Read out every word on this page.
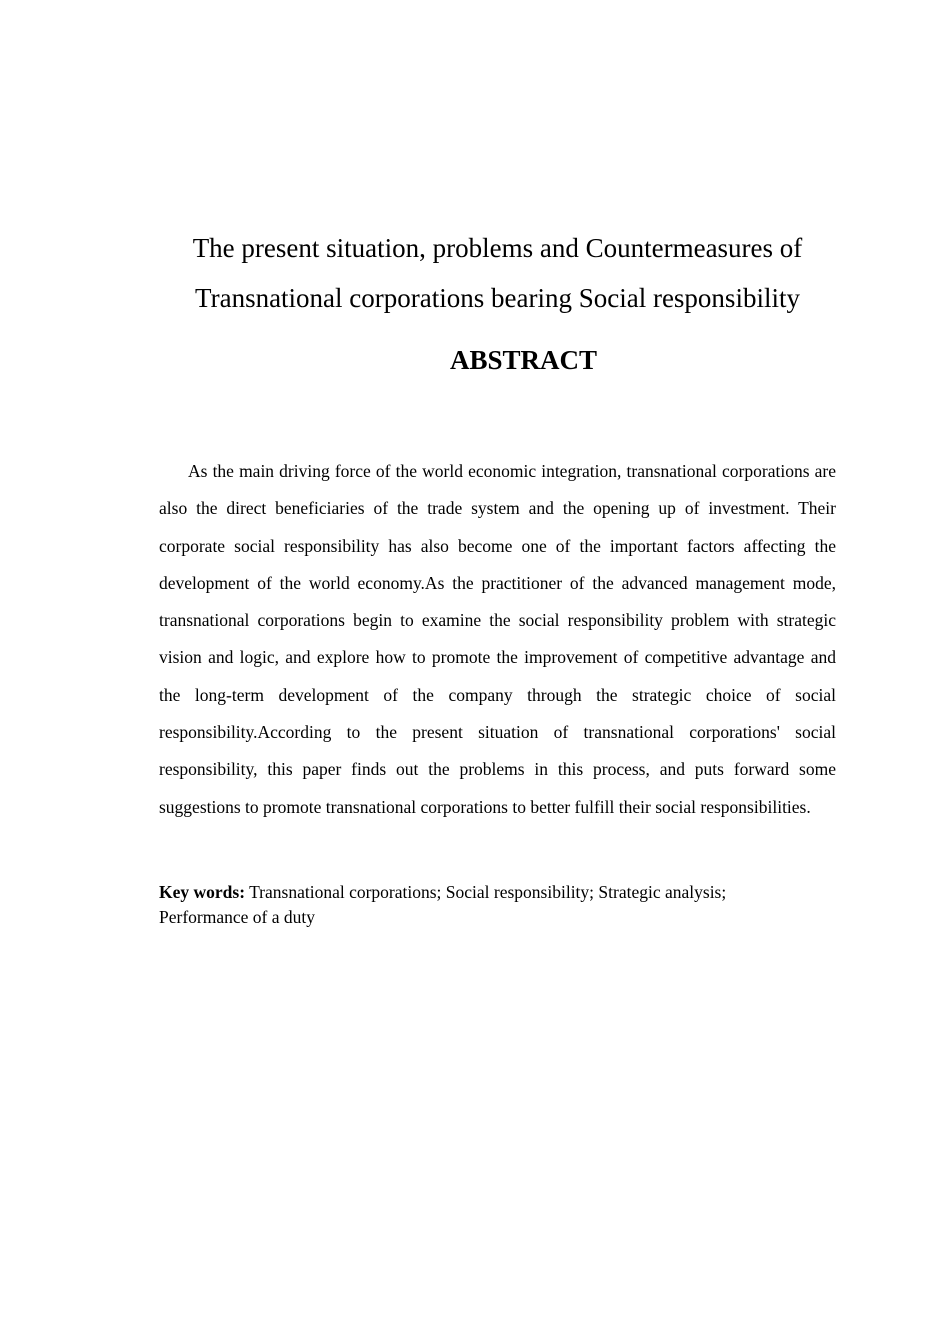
The present situation, problems and Countermeasures of
Transnational corporations bearing Social responsibility
ABSTRACT

As the main driving force of the world economic integration, transnational corporations are also the direct beneficiaries of the trade system and the opening up of investment. Their corporate social responsibility has also become one of the important factors affecting the development of the world economy.As the practitioner of the advanced management mode, transnational corporations begin to examine the social responsibility problem with strategic vision and logic, and explore how to promote the improvement of competitive advantage and the long-term development of the company through the strategic choice of social responsibility.According to the present situation of transnational corporations' social responsibility, this paper finds out the problems in this process, and puts forward some suggestions to promote transnational corporations to better fulfill their social responsibilities.

Key words: Transnational corporations; Social responsibility; Strategic analysis;
Performance of a duty
